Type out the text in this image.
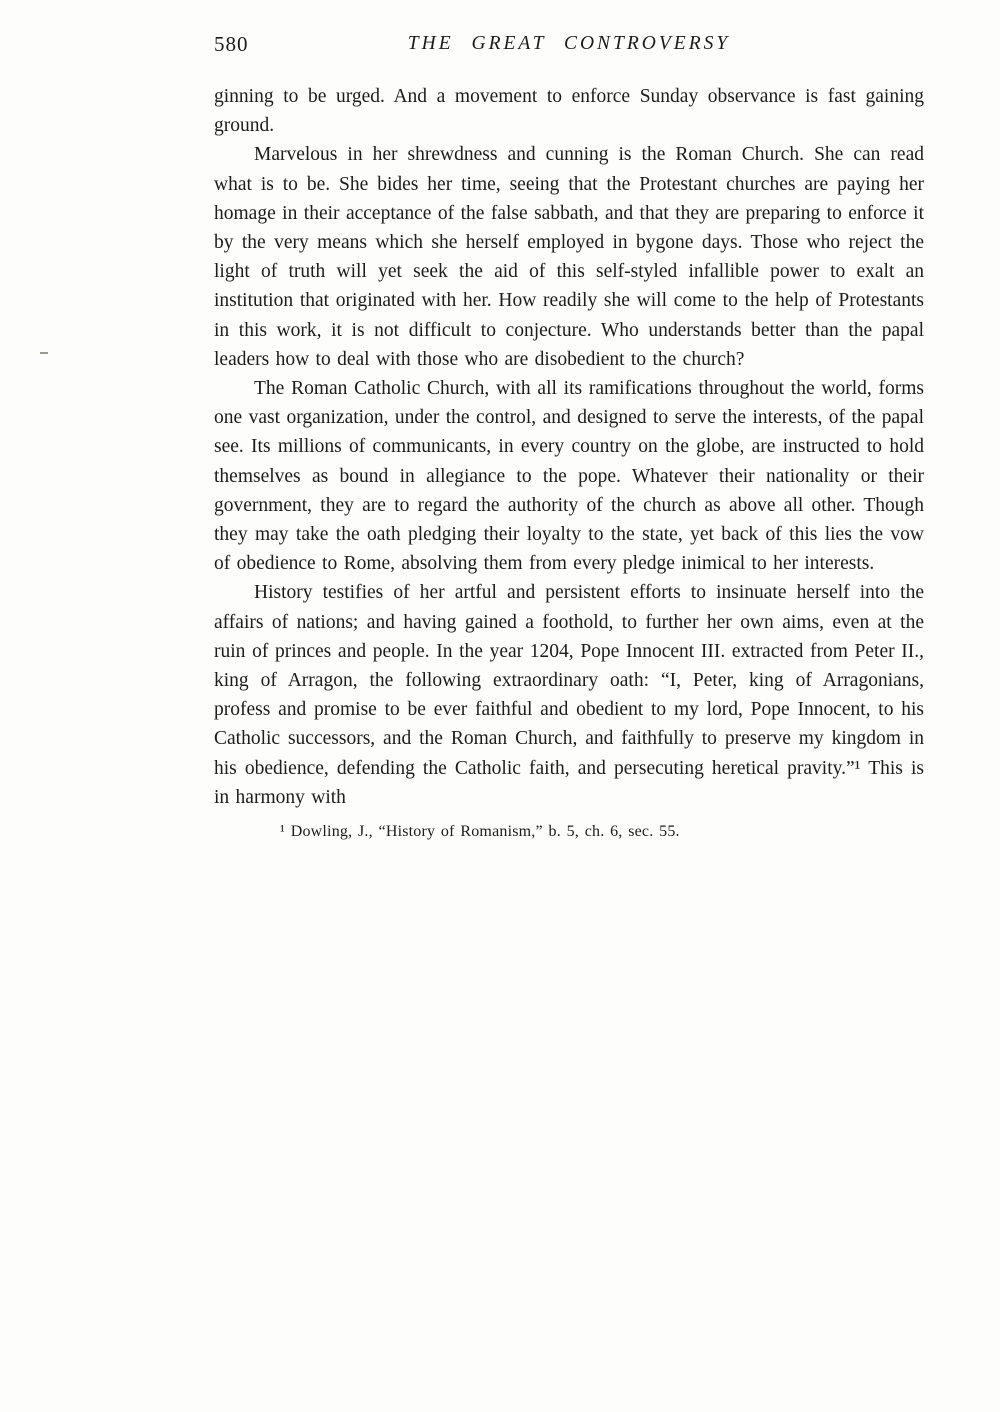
580	THE GREAT CONTROVERSY

ginning to be urged. And a movement to enforce Sunday observance is fast gaining ground.

Marvelous in her shrewdness and cunning is the Roman Church. She can read what is to be. She bides her time, seeing that the Protestant churches are paying her homage in their acceptance of the false sabbath, and that they are preparing to enforce it by the very means which she herself employed in bygone days. Those who reject the light of truth will yet seek the aid of this self-styled infallible power to exalt an institution that originated with her. How readily she will come to the help of Protestants in this work, it is not difficult to conjecture. Who understands better than the papal leaders how to deal with those who are disobedient to the church?

The Roman Catholic Church, with all its ramifications throughout the world, forms one vast organization, under the control, and designed to serve the interests, of the papal see. Its millions of communicants, in every country on the globe, are instructed to hold themselves as bound in allegiance to the pope. Whatever their nationality or their government, they are to regard the authority of the church as above all other. Though they may take the oath pledging their loyalty to the state, yet back of this lies the vow of obedience to Rome, absolving them from every pledge inimical to her interests.

History testifies of her artful and persistent efforts to insinuate herself into the affairs of nations; and having gained a foothold, to further her own aims, even at the ruin of princes and people. In the year 1204, Pope Innocent III. extracted from Peter II., king of Arragon, the following extraordinary oath: “I, Peter, king of Arragonians, profess and promise to be ever faithful and obedient to my lord, Pope Innocent, to his Catholic successors, and the Roman Church, and faithfully to preserve my kingdom in his obedience, defending the Catholic faith, and persecuting heretical pravity.”¹ This is in harmony with

¹ Dowling, J., “History of Romanism,” b. 5, ch. 6, sec. 55.
